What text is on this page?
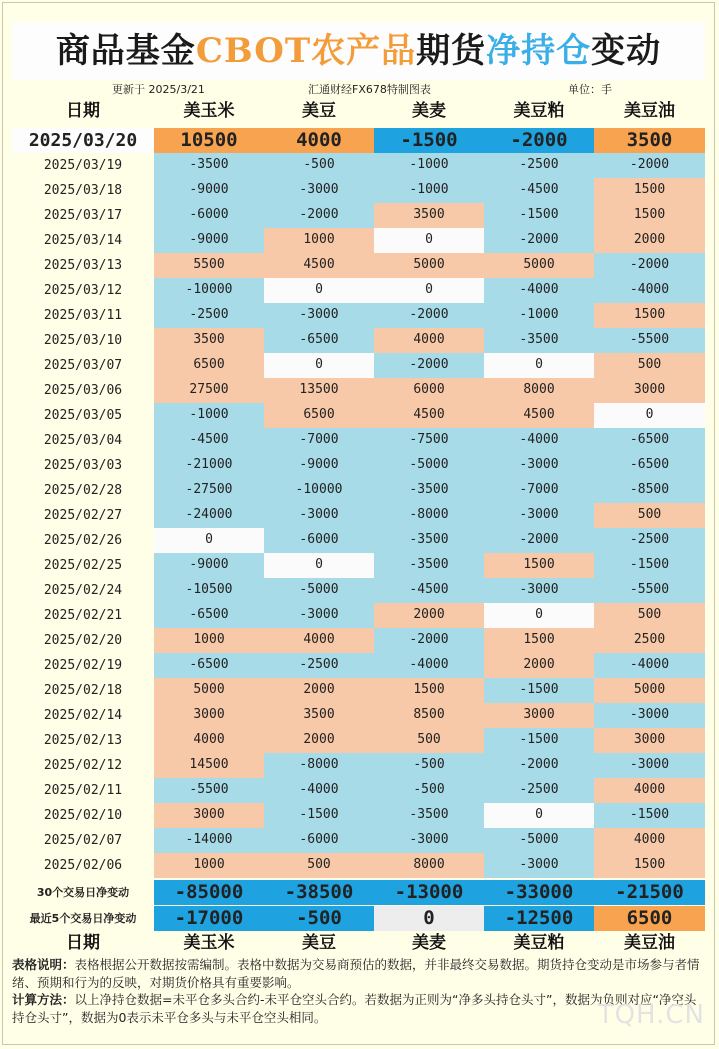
商品基金CBOT农产品期货净持仓变动
更新于 2025/3/21	汇通财经FX678特制图表	单位：手
日期	美玉米	美豆	美麦	美豆粕	美豆油
2025/03/20	10500	4000	-1500	-2000	3500
2025/03/19	-3500	-500	-1000	-2500	-2000
2025/03/18	-9000	-3000	-1000	-4500	1500
2025/03/17	-6000	-2000	3500	-1500	1500
2025/03/14	-9000	1000	0	-2000	2000
2025/03/13	5500	4500	5000	5000	-2000
2025/03/12	-10000	0	0	-4000	-4000
2025/03/11	-2500	-3000	-2000	-1000	1500
2025/03/10	3500	-6500	4000	-3500	-5500
2025/03/07	6500	0	-2000	0	500
2025/03/06	27500	13500	6000	8000	3000
2025/03/05	-1000	6500	4500	4500	0
2025/03/04	-4500	-7000	-7500	-4000	-6500
2025/03/03	-21000	-9000	-5000	-3000	-6500
2025/02/28	-27500	-10000	-3500	-7000	-8500
2025/02/27	-24000	-3000	-8000	-3000	500
2025/02/26	0	-6000	-3500	-2000	-2500
2025/02/25	-9000	0	-3500	1500	-1500
2025/02/24	-10500	-5000	-4500	-3000	-5500
2025/02/21	-6500	-3000	2000	0	500
2025/02/20	1000	4000	-2000	1500	2500
2025/02/19	-6500	-2500	-4000	2000	-4000
2025/02/18	5000	2000	1500	-1500	5000
2025/02/14	3000	3500	8500	3000	-3000
2025/02/13	4000	2000	500	-1500	3000
2025/02/12	14500	-8000	-500	-2000	-3000
2025/02/11	-5500	-4000	-500	-2500	4000
2025/02/10	3000	-1500	-3500	0	-1500
2025/02/07	-14000	-6000	-3000	-5000	4000
2025/02/06	1000	500	8000	-3000	1500
30个交易日净变动	-85000	-38500	-13000	-33000	-21500
最近5个交易日净变动	-17000	-500	0	-12500	6500
日期	美玉米	美豆	美麦	美豆粕	美豆油
表格说明：表格根据公开数据按需编制。表格中数据为交易商预估的数据，并非最终交易数据。期货持仓变动是市场参与者情绪、预期和行为的反映，对期货价格具有重要影响。
计算方法：以上净持仓数据=未平仓多头合约-未平仓空头合约。若数据为正则为“净多头持仓头寸”，数据为负则对应“净空头持仓头寸”，数据为0表示未平仓多头与未平仓空头相同。	TQH.CN
